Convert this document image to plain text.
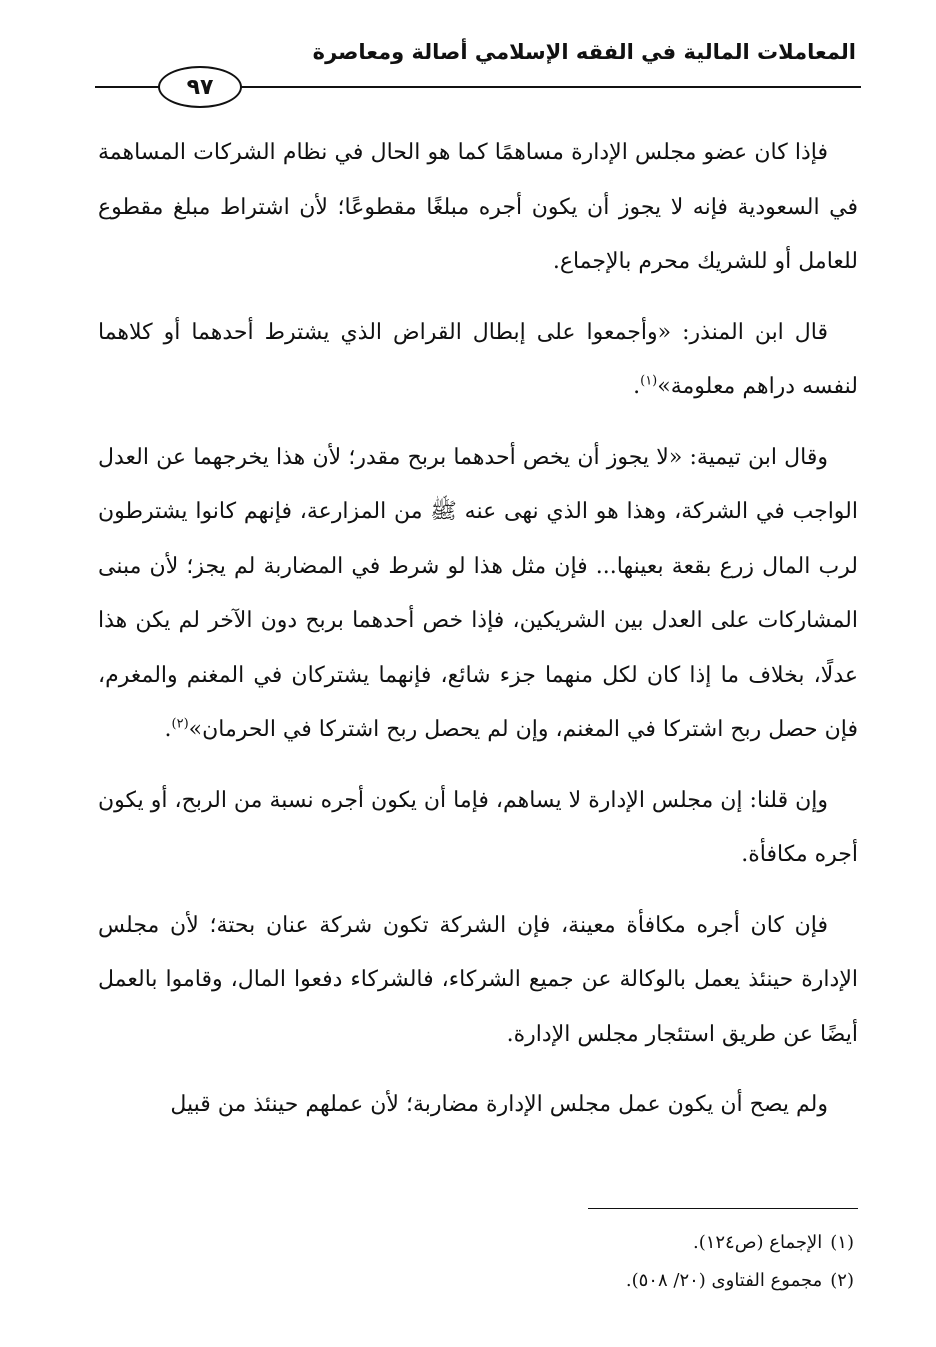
المعاملات المالية في الفقه الإسلامي أصالة ومعاصرة
٩٧

فإذا كان عضو مجلس الإدارة مساهمًا كما هو الحال في نظام الشركات المساهمة في السعودية فإنه لا يجوز أن يكون أجره مبلغًا مقطوعًا؛ لأن اشتراط مبلغ مقطوع للعامل أو للشريك محرم بالإجماع.

قال ابن المنذر: «وأجمعوا على إبطال القراض الذي يشترط أحدهما أو كلاهما لنفسه دراهم معلومة»$^{(١)}$.

وقال ابن تيمية: «لا يجوز أن يخص أحدهما بربح مقدر؛ لأن هذا يخرجهما عن العدل الواجب في الشركة، وهذا هو الذي نهى عنه ﷺ من المزارعة، فإنهم كانوا يشترطون لرب المال زرع بقعة بعينها... فإن مثل هذا لو شرط في المضاربة لم يجز؛ لأن مبنى المشاركات على العدل بين الشريكين، فإذا خص أحدهما بربح دون الآخر لم يكن هذا عدلًا، بخلاف ما إذا كان لكل منهما جزء شائع، فإنهما يشتركان في المغنم والمغرم، فإن حصل ربح اشتركا في المغنم، وإن لم يحصل ربح اشتركا في الحرمان»$^{(٢)}$.

وإن قلنا: إن مجلس الإدارة لا يساهم، فإما أن يكون أجره نسبة من الربح، أو يكون أجره مكافأة.

فإن كان أجره مكافأة معينة، فإن الشركة تكون شركة عنان بحتة؛ لأن مجلس الإدارة حينئذ يعمل بالوكالة عن جميع الشركاء، فالشركاء دفعوا المال، وقاموا بالعمل أيضًا عن طريق استئجار مجلس الإدارة.

ولم يصح أن يكون عمل مجلس الإدارة مضاربة؛ لأن عملهم حينئذ من قبيل

(١)
الإجماع (ص١٢٤).
(٢)
مجموع الفتاوى (٢٠/ ٥٠٨).
